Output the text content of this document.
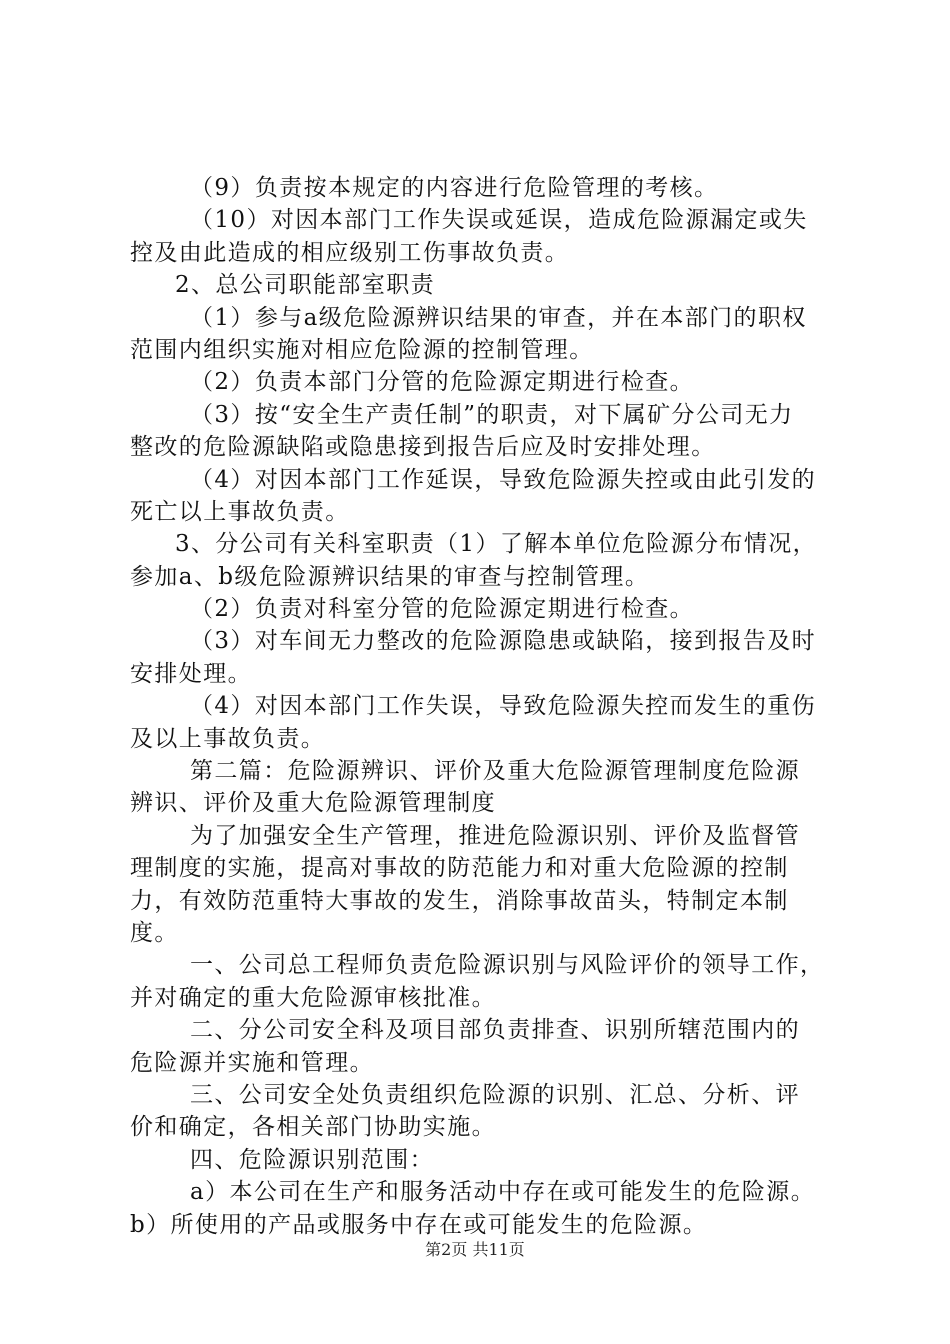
（9）负责按本规定的内容进行危险管理的考核。
（10）对因本部门工作失误或延误，造成危险源漏定或失
控及由此造成的相应级别工伤事故负责。
2、总公司职能部室职责
（1）参与a级危险源辨识结果的审查，并在本部门的职权
范围内组织实施对相应危险源的控制管理。
（2）负责本部门分管的危险源定期进行检查。
（3）按“安全生产责任制”的职责，对下属矿分公司无力
整改的危险源缺陷或隐患接到报告后应及时安排处理。
（4）对因本部门工作延误，导致危险源失控或由此引发的
死亡以上事故负责。
3、分公司有关科室职责（1）了解本单位危险源分布情况，
参加a、b级危险源辨识结果的审查与控制管理。
（2）负责对科室分管的危险源定期进行检查。
（3）对车间无力整改的危险源隐患或缺陷，接到报告及时
安排处理。
（4）对因本部门工作失误，导致危险源失控而发生的重伤
及以上事故负责。
第二篇：危险源辨识、评价及重大危险源管理制度危险源
辨识、评价及重大危险源管理制度
为了加强安全生产管理，推进危险源识别、评价及监督管
理制度的实施，提高对事故的防范能力和对重大危险源的控制
力，有效防范重特大事故的发生，消除事故苗头，特制定本制
度。
一、公司总工程师负责危险源识别与风险评价的领导工作，
并对确定的重大危险源审核批准。
二、分公司安全科及项目部负责排查、识别所辖范围内的
危险源并实施和管理。
三、公司安全处负责组织危险源的识别、汇总、分析、评
价和确定，各相关部门协助实施。
四、危险源识别范围：
a）本公司在生产和服务活动中存在或可能发生的危险源。
b）所使用的产品或服务中存在或可能发生的危险源。
第2页 共11页
